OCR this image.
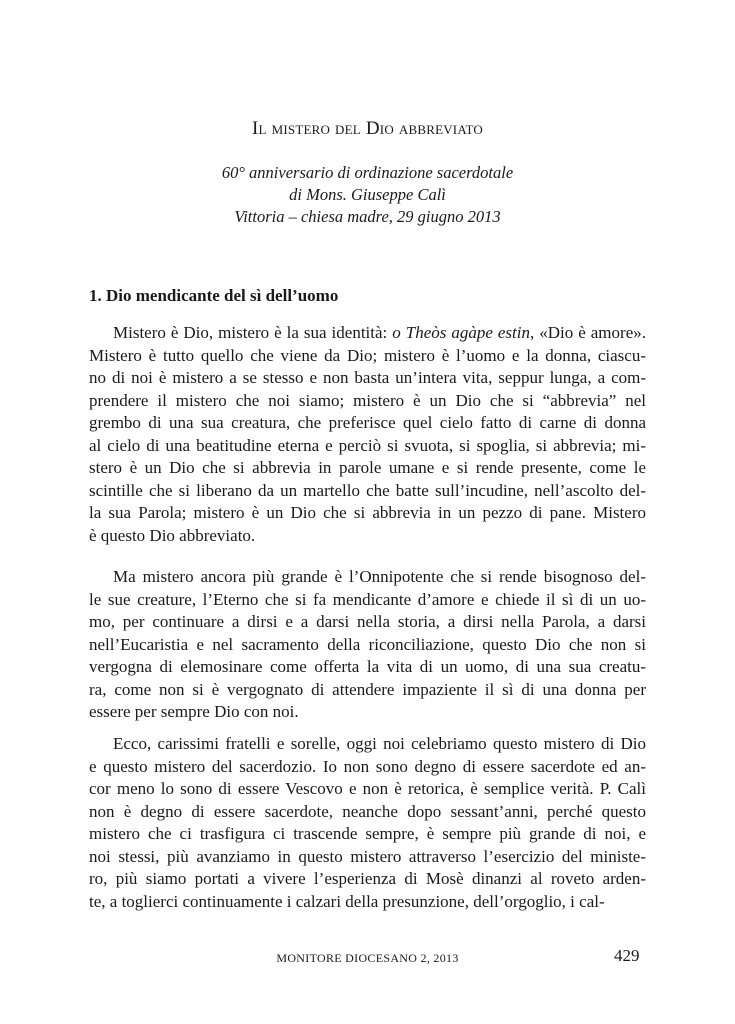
Il mistero del Dio abbreviato
60° anniversario di ordinazione sacerdotale
di Mons. Giuseppe Calì
Vittoria – chiesa madre, 29 giugno 2013
1. Dio mendicante del sì dell’uomo
Mistero è Dio, mistero è la sua identità: o Theòs agàpe estin, «Dio è amore».
Mistero è tutto quello che viene da Dio; mistero è l’uomo e la donna, ciascu-
no di noi è mistero a se stesso e non basta un’intera vita, seppur lunga, a com-
prendere il mistero che noi siamo; mistero è un Dio che si “abbrevia” nel
grembo di una sua creatura, che preferisce quel cielo fatto di carne di donna
al cielo di una beatitudine eterna e perciò si svuota, si spoglia, si abbrevia; mi-
stero è un Dio che si abbrevia in parole umane e si rende presente, come le
scintille che si liberano da un martello che batte sull’incudine, nell’ascolto del-
la sua Parola; mistero è un Dio che si abbrevia in un pezzo di pane. Mistero
è questo Dio abbreviato.
Ma mistero ancora più grande è l’Onnipotente che si rende bisognoso del-
le sue creature, l’Eterno che si fa mendicante d’amore e chiede il sì di un uo-
mo, per continuare a dirsi e a darsi nella storia, a dirsi nella Parola, a darsi
nell’Eucaristia e nel sacramento della riconciliazione, questo Dio che non si
vergogna di elemosinare come offerta la vita di un uomo, di una sua creatu-
ra, come non si è vergognato di attendere impaziente il sì di una donna per
essere per sempre Dio con noi.
Ecco, carissimi fratelli e sorelle, oggi noi celebriamo questo mistero di Dio
e questo mistero del sacerdozio. Io non sono degno di essere sacerdote ed an-
cor meno lo sono di essere Vescovo e non è retorica, è semplice verità. P. Calì
non è degno di essere sacerdote, neanche dopo sessant’anni, perché questo
mistero che ci trasfigura ci trascende sempre, è sempre più grande di noi, e
noi stessi, più avanziamo in questo mistero attraverso l’esercizio del ministe-
ro, più siamo portati a vivere l’esperienza di Mosè dinanzi al roveto arden-
te, a toglierci continuamente i calzari della presunzione, dell’orgoglio, i cal-
MONITORE DIOCESANO 2, 2013	429
